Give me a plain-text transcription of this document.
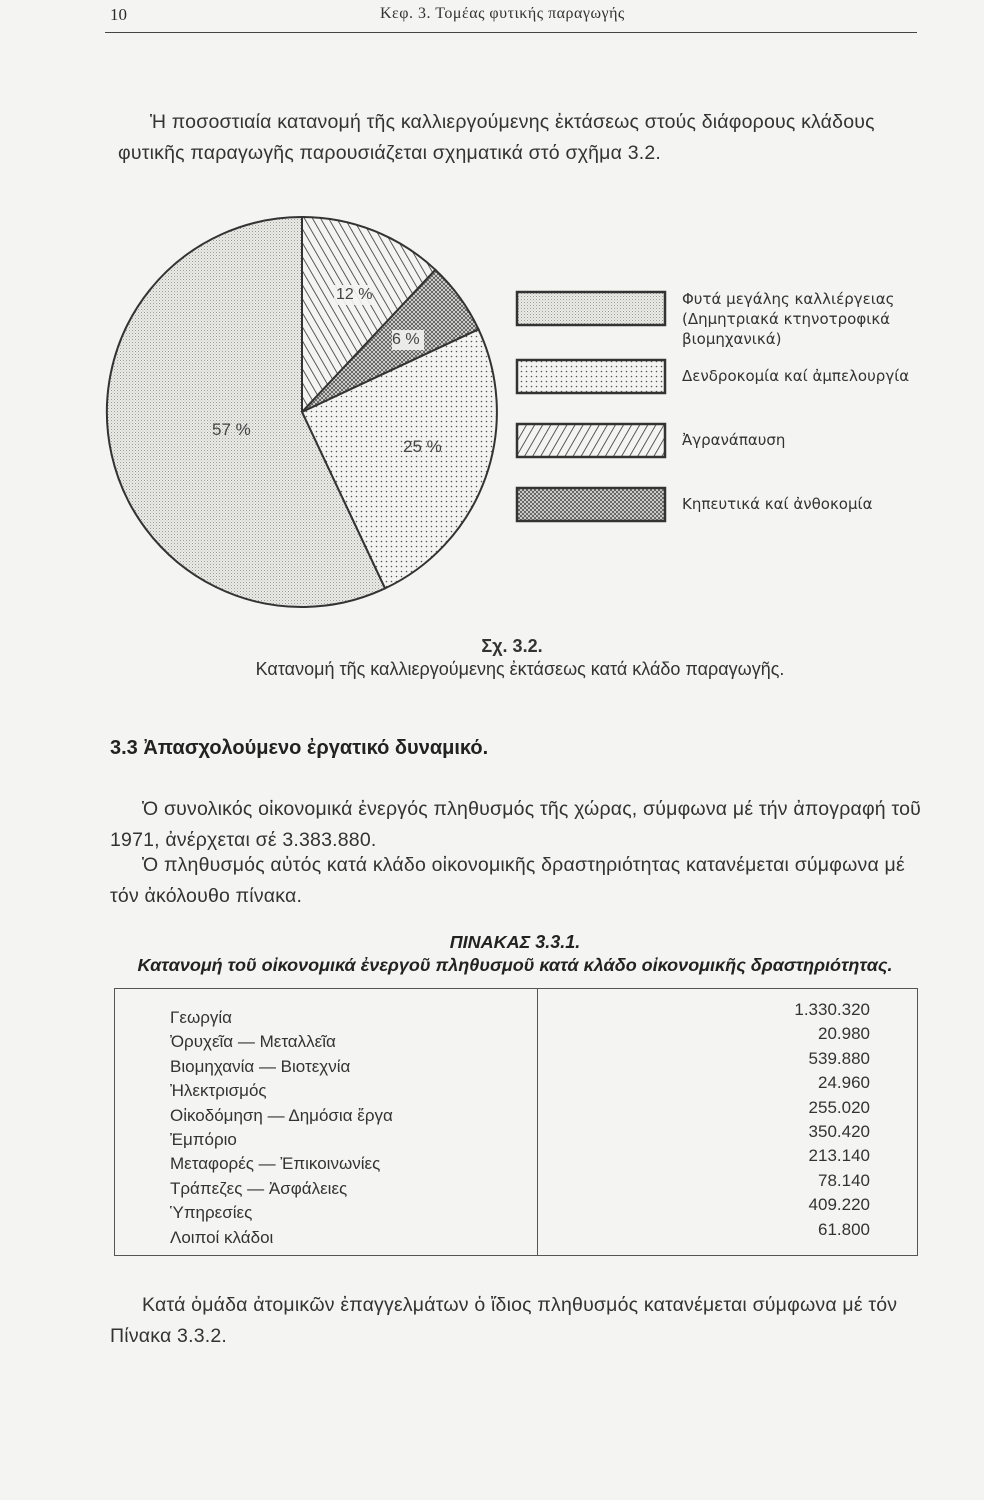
10	Κεφ. 3. Τομέας φυτικής παραγωγής
Ἡ ποσοστιαία κατανομή τῆς καλλιεργούμενης ἐκτάσεως στούς διάφορους κλάδους φυτικῆς παραγωγῆς παρουσιάζεται σχηματικά στό σχῆμα 3.2.
12 %
6 %
57 %
25 %
Φυτά μεγάλης καλλιέργειας
(Δημητριακά κτηνοτροφικά
βιομηχανικά)
Δενδροκομία καί ἀμπελουργία
Ἀγρανάπαυση
Κηπευτικά καί ἀνθοκομία
Σχ. 3.2.
Κατανομή τῆς καλλιεργούμενης ἐκτάσεως κατά κλάδο παραγωγῆς.
3.3 Ἀπασχολούμενο ἐργατικό δυναμικό.
Ὁ συνολικός οἰκονομικά ἐνεργός πληθυσμός τῆς χώρας, σύμφωνα μέ τήν ἀπογραφή τοῦ 1971, ἀνέρχεται σέ 3.383.880.
Ὁ πληθυσμός αὐτός κατά κλάδο οἰκονομικῆς δραστηριότητας κατανέμεται σύμφωνα μέ τόν ἀκόλουθο πίνακα.
ΠΙΝΑΚΑΣ 3.3.1.
Κατανομή τοῦ οἰκονομικά ἐνεργοῦ πληθυσμοῦ κατά κλάδο οἰκονομικῆς δραστηριότητας.
Γεωργία
Ὀρυχεῖα — Μεταλλεῖα
Βιομηχανία — Βιοτεχνία
Ἠλεκτρισμός
Οἰκοδόμηση — Δημόσια ἔργα
Ἐμπόριο
Μεταφορές — Ἐπικοινωνίες
Τράπεζες — Ἀσφάλειες
Ὑπηρεσίες
Λοιποί κλάδοι
1.330.320
20.980
539.880
24.960
255.020
350.420
213.140
78.140
409.220
61.800
Κατά ὁμάδα ἀτομικῶν ἐπαγγελμάτων ὁ ἴδιος πληθυσμός κατανέμεται σύμφωνα μέ τόν Πίνακα 3.3.2.
